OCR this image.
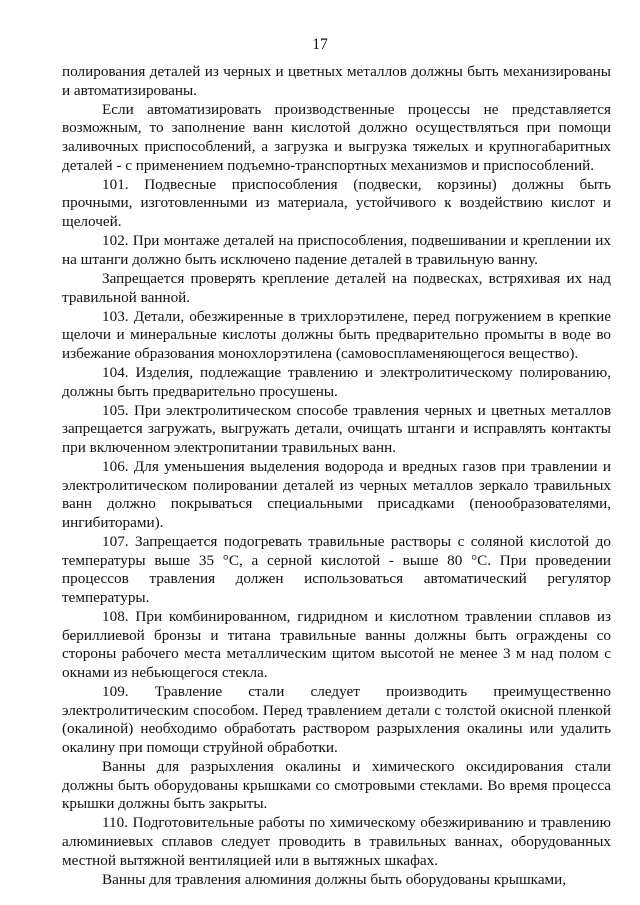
17

полирования деталей из черных и цветных металлов должны быть механизированы и автоматизированы.

Если автоматизировать производственные процессы не представляется возможным, то заполнение ванн кислотой должно осуществляться при помощи заливочных приспособлений, а загрузка и выгрузка тяжелых и крупногабаритных деталей - с применением подъемно-транспортных механизмов и приспособлений.

101. Подвесные приспособления (подвески, корзины) должны быть прочными, изготовленными из материала, устойчивого к воздействию кислот и щелочей.

102. При монтаже деталей на приспособления, подвешивании и креплении их на штанги должно быть исключено падение деталей в травильную ванну.

Запрещается проверять крепление деталей на подвесках, встряхивая их над травильной ванной.

103. Детали, обезжиренные в трихлорэтилене, перед погружением в крепкие щелочи и минеральные кислоты должны быть предварительно промыты в воде во избежание образования монохлорэтилена (самовоспламеняющегося вещество).

104. Изделия, подлежащие травлению и электролитическому полированию, должны быть предварительно просушены.

105. При электролитическом способе травления черных и цветных металлов запрещается загружать, выгружать детали, очищать штанги и исправлять контакты при включенном электропитании травильных ванн.

106. Для уменьшения выделения водорода и вредных газов при травлении и электролитическом полировании деталей из черных металлов зеркало травильных ванн должно покрываться специальными присадками (пенообразователями, ингибиторами).

107. Запрещается подогревать травильные растворы с соляной кислотой до температуры выше 35 °С, а серной кислотой - выше 80 °С. При проведении процессов травления должен использоваться автоматический регулятор температуры.

108. При комбинированном, гидридном и кислотном травлении сплавов из бериллиевой бронзы и титана травильные ванны должны быть ограждены со стороны рабочего места металлическим щитом высотой не менее 3 м над полом с окнами из небьющегося стекла.

109. Травление стали следует производить преимущественно электролитическим способом. Перед травлением детали с толстой окисной пленкой (окалиной) необходимо обработать раствором разрыхления окалины или удалить окалину при помощи струйной обработки.

Ванны для разрыхления окалины и химического оксидирования стали должны быть оборудованы крышками со смотровыми стеклами. Во время процесса крышки должны быть закрыты.

110. Подготовительные работы по химическому обезжириванию и травлению алюминиевых сплавов следует проводить в травильных ваннах, оборудованных местной вытяжной вентиляцией или в вытяжных шкафах.

Ванны для травления алюминия должны быть оборудованы крышками,
